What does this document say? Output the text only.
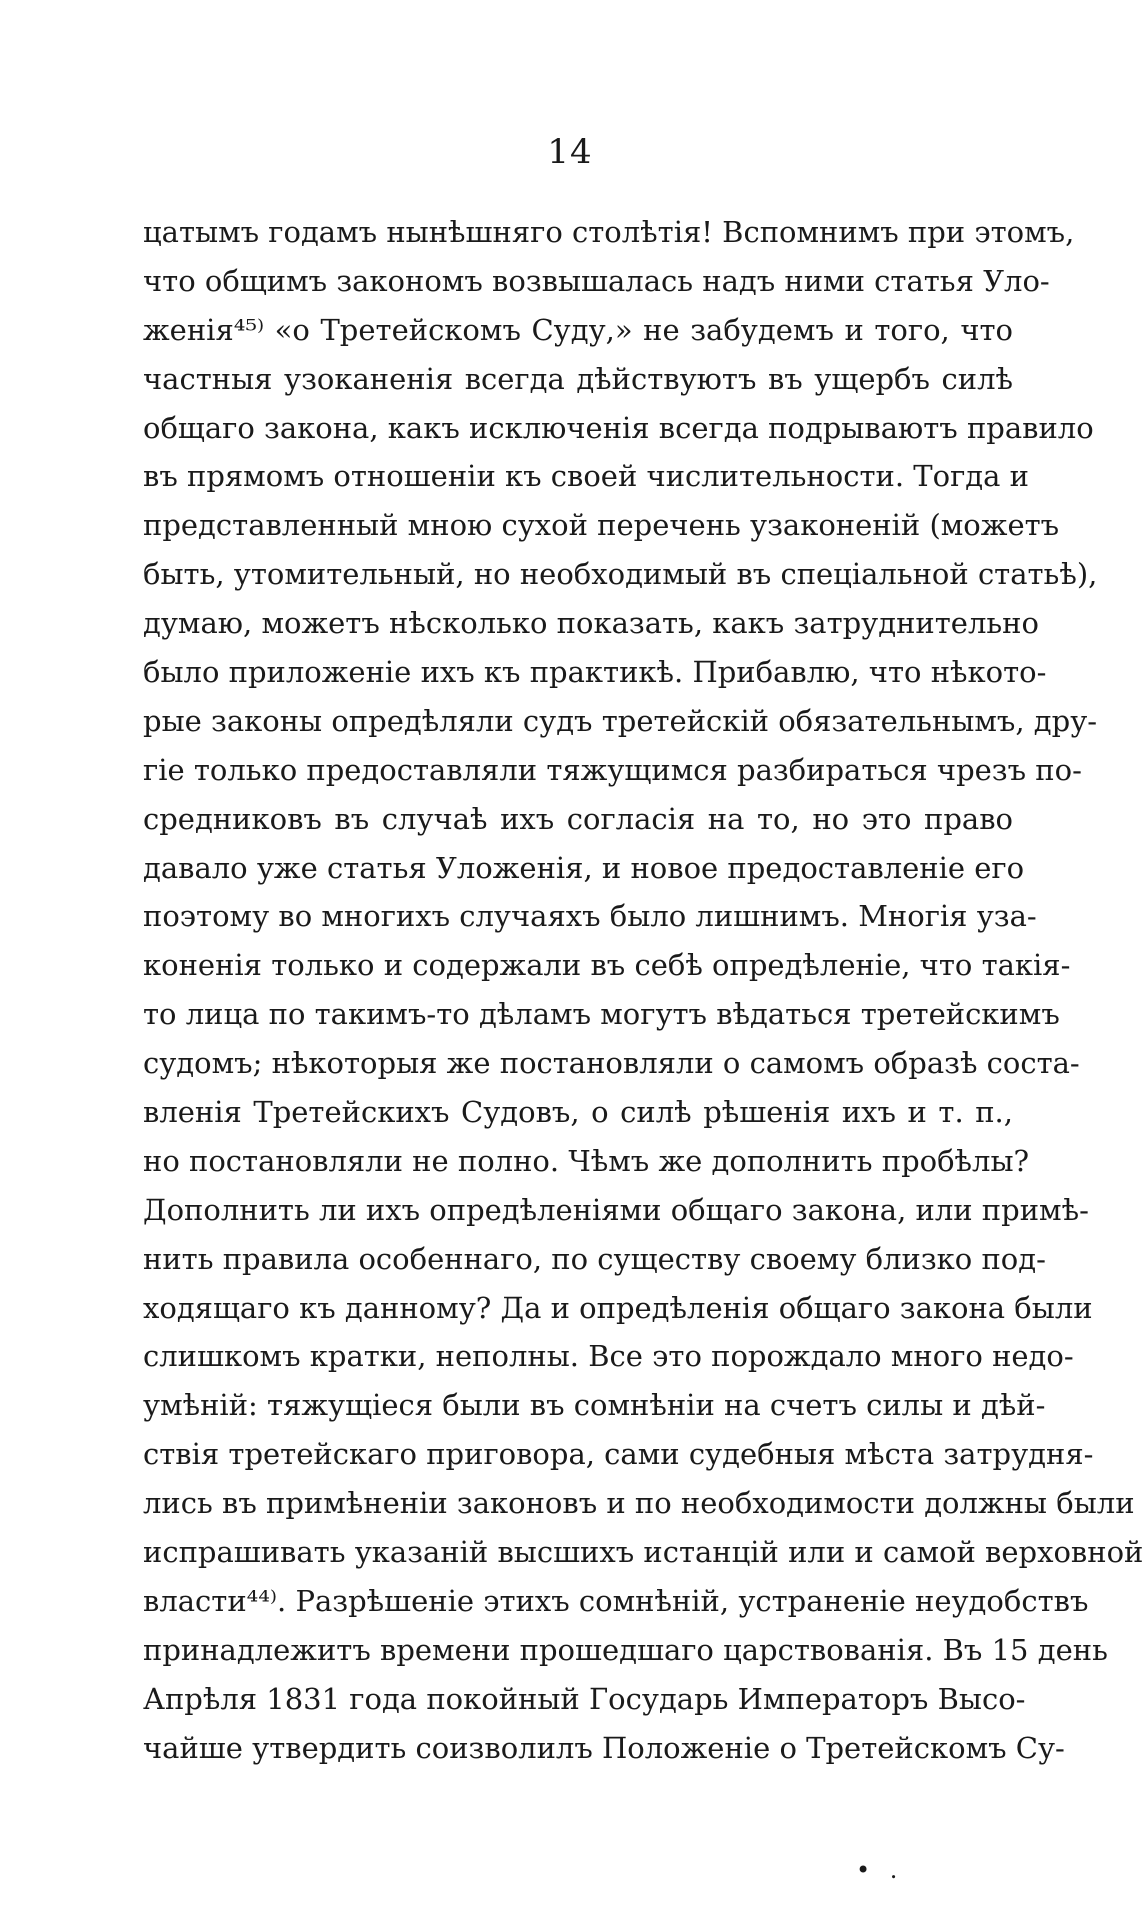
14
цатымъ годамъ нынѣшняго столѣтія! Вспомнимъ при этомъ,
что общимъ закономъ возвышалась надъ ними статья Уло-
женія⁴⁵⁾ «о Третейскомъ Суду,» не забудемъ и того, что
частныя узоканенія всегда дѣйствуютъ въ ущербъ силѣ
общаго закона, какъ исключенія всегда подрываютъ правило
въ прямомъ отношеніи къ своей числительности. Тогда и
представленный мною сухой перечень узаконеній (можетъ
быть, утомительный, но необходимый въ спеціальной статьѣ),
думаю, можетъ нѣсколько показать, какъ затруднительно
было приложеніе ихъ къ практикѣ. Прибавлю, что нѣкото-
рые законы опредѣляли судъ третейскій обязательнымъ, дру-
гіе только предоставляли тяжущимся разбираться чрезъ по-
средниковъ въ случаѣ ихъ согласія на то, но это право
давало уже статья Уложенія, и новое предоставленіе его
поэтому во многихъ случаяхъ было лишнимъ. Многія уза-
коненія только и содержали въ себѣ опредѣленіе, что такія-
то лица по такимъ-то дѣламъ могутъ вѣдаться третейскимъ
судомъ; нѣкоторыя же постановляли о самомъ образѣ соста-
вленія Третейскихъ Судовъ, о силѣ рѣшенія ихъ и т. п.,
но постановляли не полно. Чѣмъ же дополнить пробѣлы?
Дополнить ли ихъ опредѣленіями общаго закона, или примѣ-
нить правила особеннаго, по существу своему близко под-
ходящаго къ данному? Да и опредѣленія общаго закона были
слишкомъ кратки, неполны. Все это порождало много недо-
умѣній: тяжущіеся были въ сомнѣніи на счетъ силы и дѣй-
ствія третейскаго приговора, сами судебныя мѣста затрудня-
лись въ примѣненіи законовъ и по необходимости должны были
испрашивать указаній высшихъ истанцій или и самой верховной
власти⁴⁴⁾. Разрѣшеніе этихъ сомнѣній, устраненіе неудобствъ
принадлежитъ времени прошедшаго царствованія. Въ 15 день
Апрѣля 1831 года покойный Государь Императоръ Высо-
чайше утвердить соизволилъ Положеніе о Третейскомъ Су-
• .
